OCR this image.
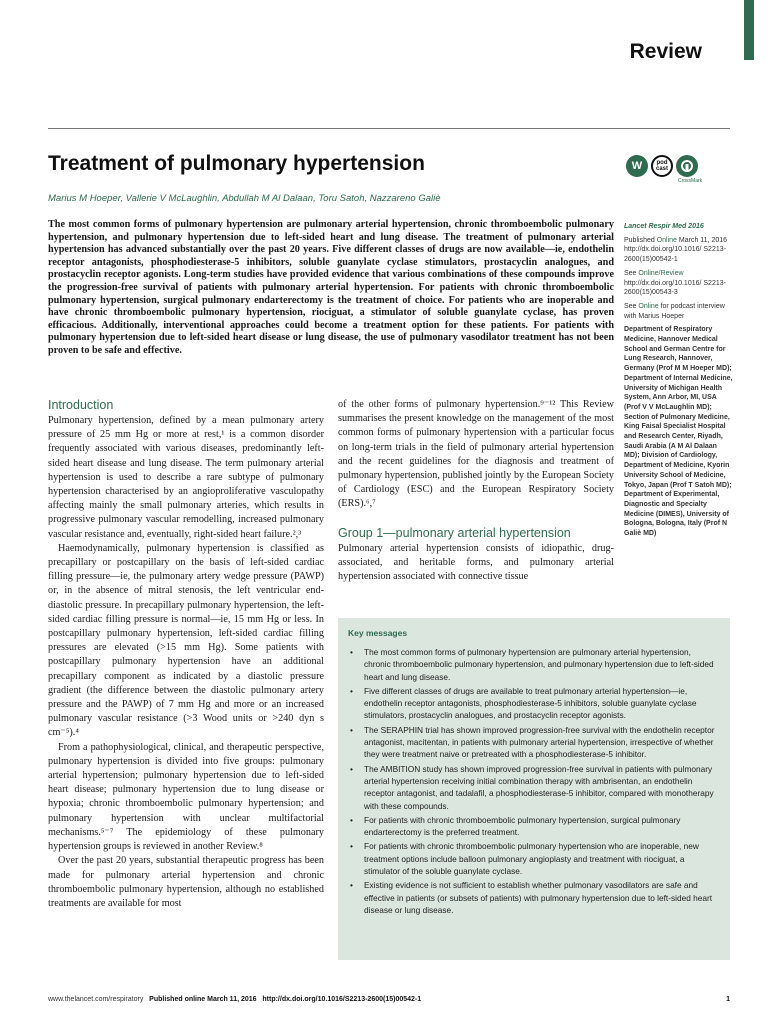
Review
Treatment of pulmonary hypertension	W pod
cast
CrossMark
Marius M Hoeper, Vallerie V McLaughlin, Abdullah M Al Dalaan, Toru Satoh, Nazzareno Galiè

The most common forms of pulmonary hypertension are pulmonary arterial hypertension, chronic thromboembolic pulmonary hypertension, and pulmonary hypertension due to left-sided heart and lung disease. The treatment of pulmonary arterial hypertension has advanced substantially over the past 20 years. Five different classes of drugs are now available—ie, endothelin receptor antagonists, phosphodiesterase-5 inhibitors, soluble guanylate cyclase stimulators, prostacyclin analogues, and prostacyclin receptor agonists. Long-term studies have provided evidence that various combinations of these compounds improve the progression-free survival of patients with pulmonary arterial hypertension. For patients with chronic thromboembolic pulmonary hypertension, surgical pulmonary endarterectomy is the treatment of choice. For patients who are inoperable and have chronic thromboembolic pulmonary hypertension, riociguat, a stimulator of soluble guanylate cyclase, has proven efficacious. Additionally, interventional approaches could become a treatment option for these patients. For patients with pulmonary hypertension due to left-sided heart disease or lung disease, the use of pulmonary vasodilator treatment has not been proven to be safe and effective.

Lancet Respir Med 2016

Published Online March 11, 2016 http://dx.doi.org/10.1016/ S2213-2600(15)00542-1

See Online/Review http://dx.doi.org/10.1016/ S2213-2600(15)00543-3

See Online for podcast interview with Marius Hoeper

Department of Respiratory Medicine, Hannover Medical School and German Centre for Lung Research, Hannover, Germany (Prof M M Hoeper MD); Department of Internal Medicine, University of Michigan Health System, Ann Arbor, MI, USA (Prof V V McLaughlin MD); Section of Pulmonary Medicine, King Faisal Specialist Hospital and Research Center, Riyadh, Saudi Arabia (A M Al Dalaan MD); Division of Cardiology, Department of Medicine, Kyorin University School of Medicine, Tokyo, Japan (Prof T Satoh MD); Department of Experimental, Diagnostic and Specialty Medicine (DIMES), University of Bologna, Bologna, Italy (Prof N Galiè MD)

Introduction

Pulmonary hypertension, defined by a mean pulmonary artery pressure of 25 mm Hg or more at rest,¹ is a common disorder frequently associated with various diseases, predominantly left-sided heart disease and lung disease. The term pulmonary arterial hypertension is used to describe a rare subtype of pulmonary hypertension characterised by an angioproliferative vasculopathy affecting mainly the small pulmonary arteries, which results in progressive pulmonary vascular remodelling, increased pulmonary vascular resistance and, eventually, right-sided heart failure.²,³

Haemodynamically, pulmonary hypertension is classified as precapillary or postcapillary on the basis of left-sided cardiac filling pressure—ie, the pulmonary artery wedge pressure (PAWP) or, in the absence of mitral stenosis, the left ventricular end-diastolic pressure. In precapillary pulmonary hypertension, the left-sided cardiac filling pressure is normal—ie, 15 mm Hg or less. In postcapillary pulmonary hypertension, left-sided cardiac filling pressures are elevated (>15 mm Hg). Some patients with postcapillary pulmonary hypertension have an additional precapillary component as indicated by a diastolic pressure gradient (the difference between the diastolic pulmonary artery pressure and the PAWP) of 7 mm Hg and more or an increased pulmonary vascular resistance (>3 Wood units or >240 dyn s cm⁻⁵).⁴

From a pathophysiological, clinical, and therapeutic perspective, pulmonary hypertension is divided into five groups: pulmonary arterial hypertension; pulmonary hypertension due to left-sided heart disease; pulmonary hypertension due to lung disease or hypoxia; chronic thromboembolic pulmonary hypertension; and pulmonary hypertension with unclear multifactorial mechanisms.⁵⁻⁷ The epidemiology of these pulmonary hypertension groups is reviewed in another Review.⁸

Over the past 20 years, substantial therapeutic progress has been made for pulmonary arterial hypertension and chronic thromboembolic pulmonary hypertension, although no established treatments are available for most

of the other forms of pulmonary hypertension.⁹⁻¹² This Review summarises the present knowledge on the management of the most common forms of pulmonary hypertension with a particular focus on long-term trials in the field of pulmonary arterial hypertension and the recent guidelines for the diagnosis and treatment of pulmonary hypertension, published jointly by the European Society of Cardiology (ESC) and the European Respiratory Society (ERS).⁶,⁷

Group 1—pulmonary arterial hypertension

Pulmonary arterial hypertension consists of idiopathic, drug-associated, and heritable forms, and pulmonary arterial hypertension associated with connective tissue

Key messages
• The most common forms of pulmonary hypertension are pulmonary arterial hypertension, chronic thromboembolic pulmonary hypertension, and pulmonary hypertension due to left-sided heart and lung disease.
• Five different classes of drugs are available to treat pulmonary arterial hypertension—ie, endothelin receptor antagonists, phosphodiesterase-5 inhibitors, soluble guanylate cyclase stimulators, prostacyclin analogues, and prostacyclin receptor agonists.
• The SERAPHIN trial has shown improved progression-free survival with the endothelin receptor antagonist, macitentan, in patients with pulmonary arterial hypertension, irrespective of whether they were treatment naive or pretreated with a phosphodiesterase-5 inhibitor.
• The AMBITION study has shown improved progression-free survival in patients with pulmonary arterial hypertension receiving initial combination therapy with ambrisentan, an endothelin receptor antagonist, and tadalafil, a phosphodiesterase-5 inhibitor, compared with monotherapy with these compounds.
• For patients with chronic thromboembolic pulmonary hypertension, surgical pulmonary endarterectomy is the preferred treatment.
• For patients with chronic thromboembolic pulmonary hypertension who are inoperable, new treatment options include balloon pulmonary angioplasty and treatment with riociguat, a stimulator of the soluble guanylate cyclase.
• Existing evidence is not sufficient to establish whether pulmonary vasodilators are safe and effective in patients (or subsets of patients) with pulmonary hypertension due to left-sided heart disease or lung disease.
www.thelancet.com/respiratory Published online March 11, 2016 http://dx.doi.org/10.1016/S2213-2600(15)00542-1	1
